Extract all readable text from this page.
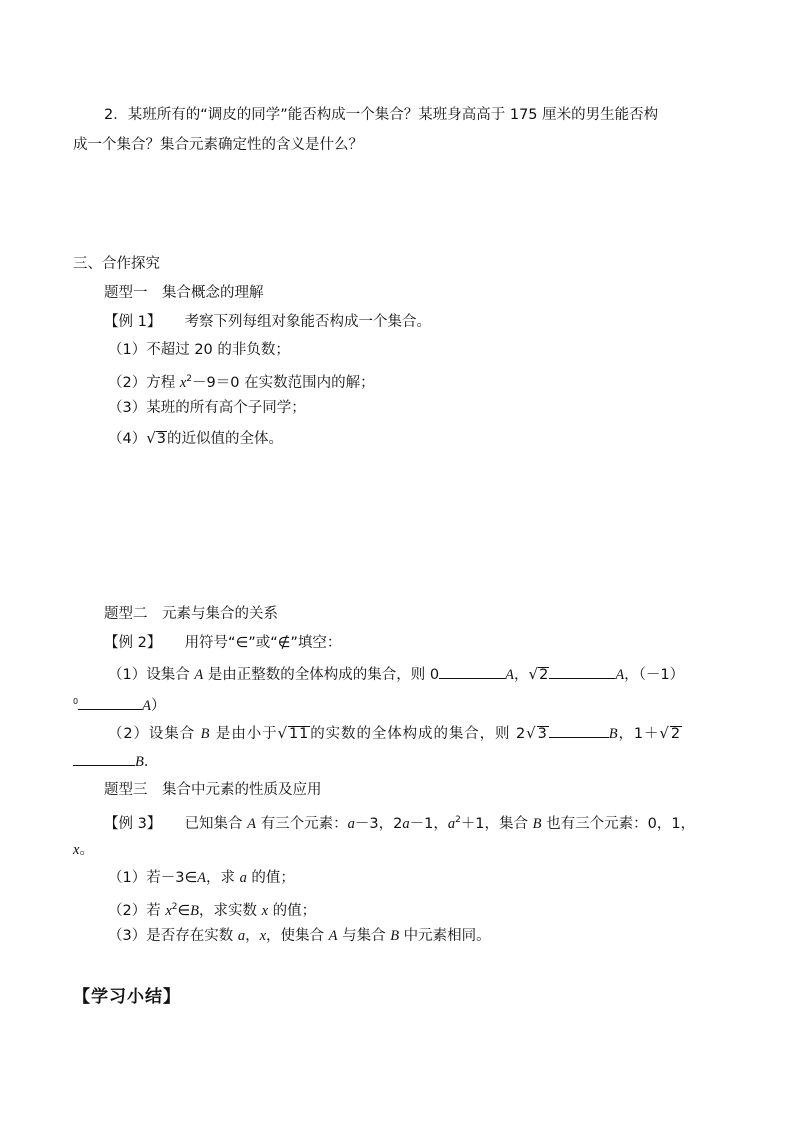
2．某班所有的“调皮的同学”能否构成一个集合？某班身高高于 175 厘米的男生能否构
成一个集合？集合元素确定性的含义是什么？
三、合作探究
题型一　集合概念的理解
【例 1】 考察下列每组对象能否构成一个集合。
（1）不超过 20 的非负数；
（2）方程 $x^2-9=0$ 在实数范围内的解；
（3）某班的所有高个子同学；
（4）√3的近似值的全体。
题型二　元素与集合的关系
【例 2】 用符号“∈”或“∉”填空：
（1）设集合 A 是由正整数的全体构成的集合，则 0	A，√2	A，（－1）
$^0$	A）
（2）设集合 B 是由小于√11的实数的全体构成的集合，则 2√3	B，1＋√2
B．
题型三　集合中元素的性质及应用
【例 3】 已知集合 A 有三个元素：a－3，2a－1，$a^2+1$，集合 B 也有三个元素：0，1，
x。
（1）若－3∈A，求 a 的值；
（2）若 $x^2\in B$，求实数 x 的值；
（3）是否存在实数 a，x，使集合 A 与集合 B 中元素相同。
【学习小结】
